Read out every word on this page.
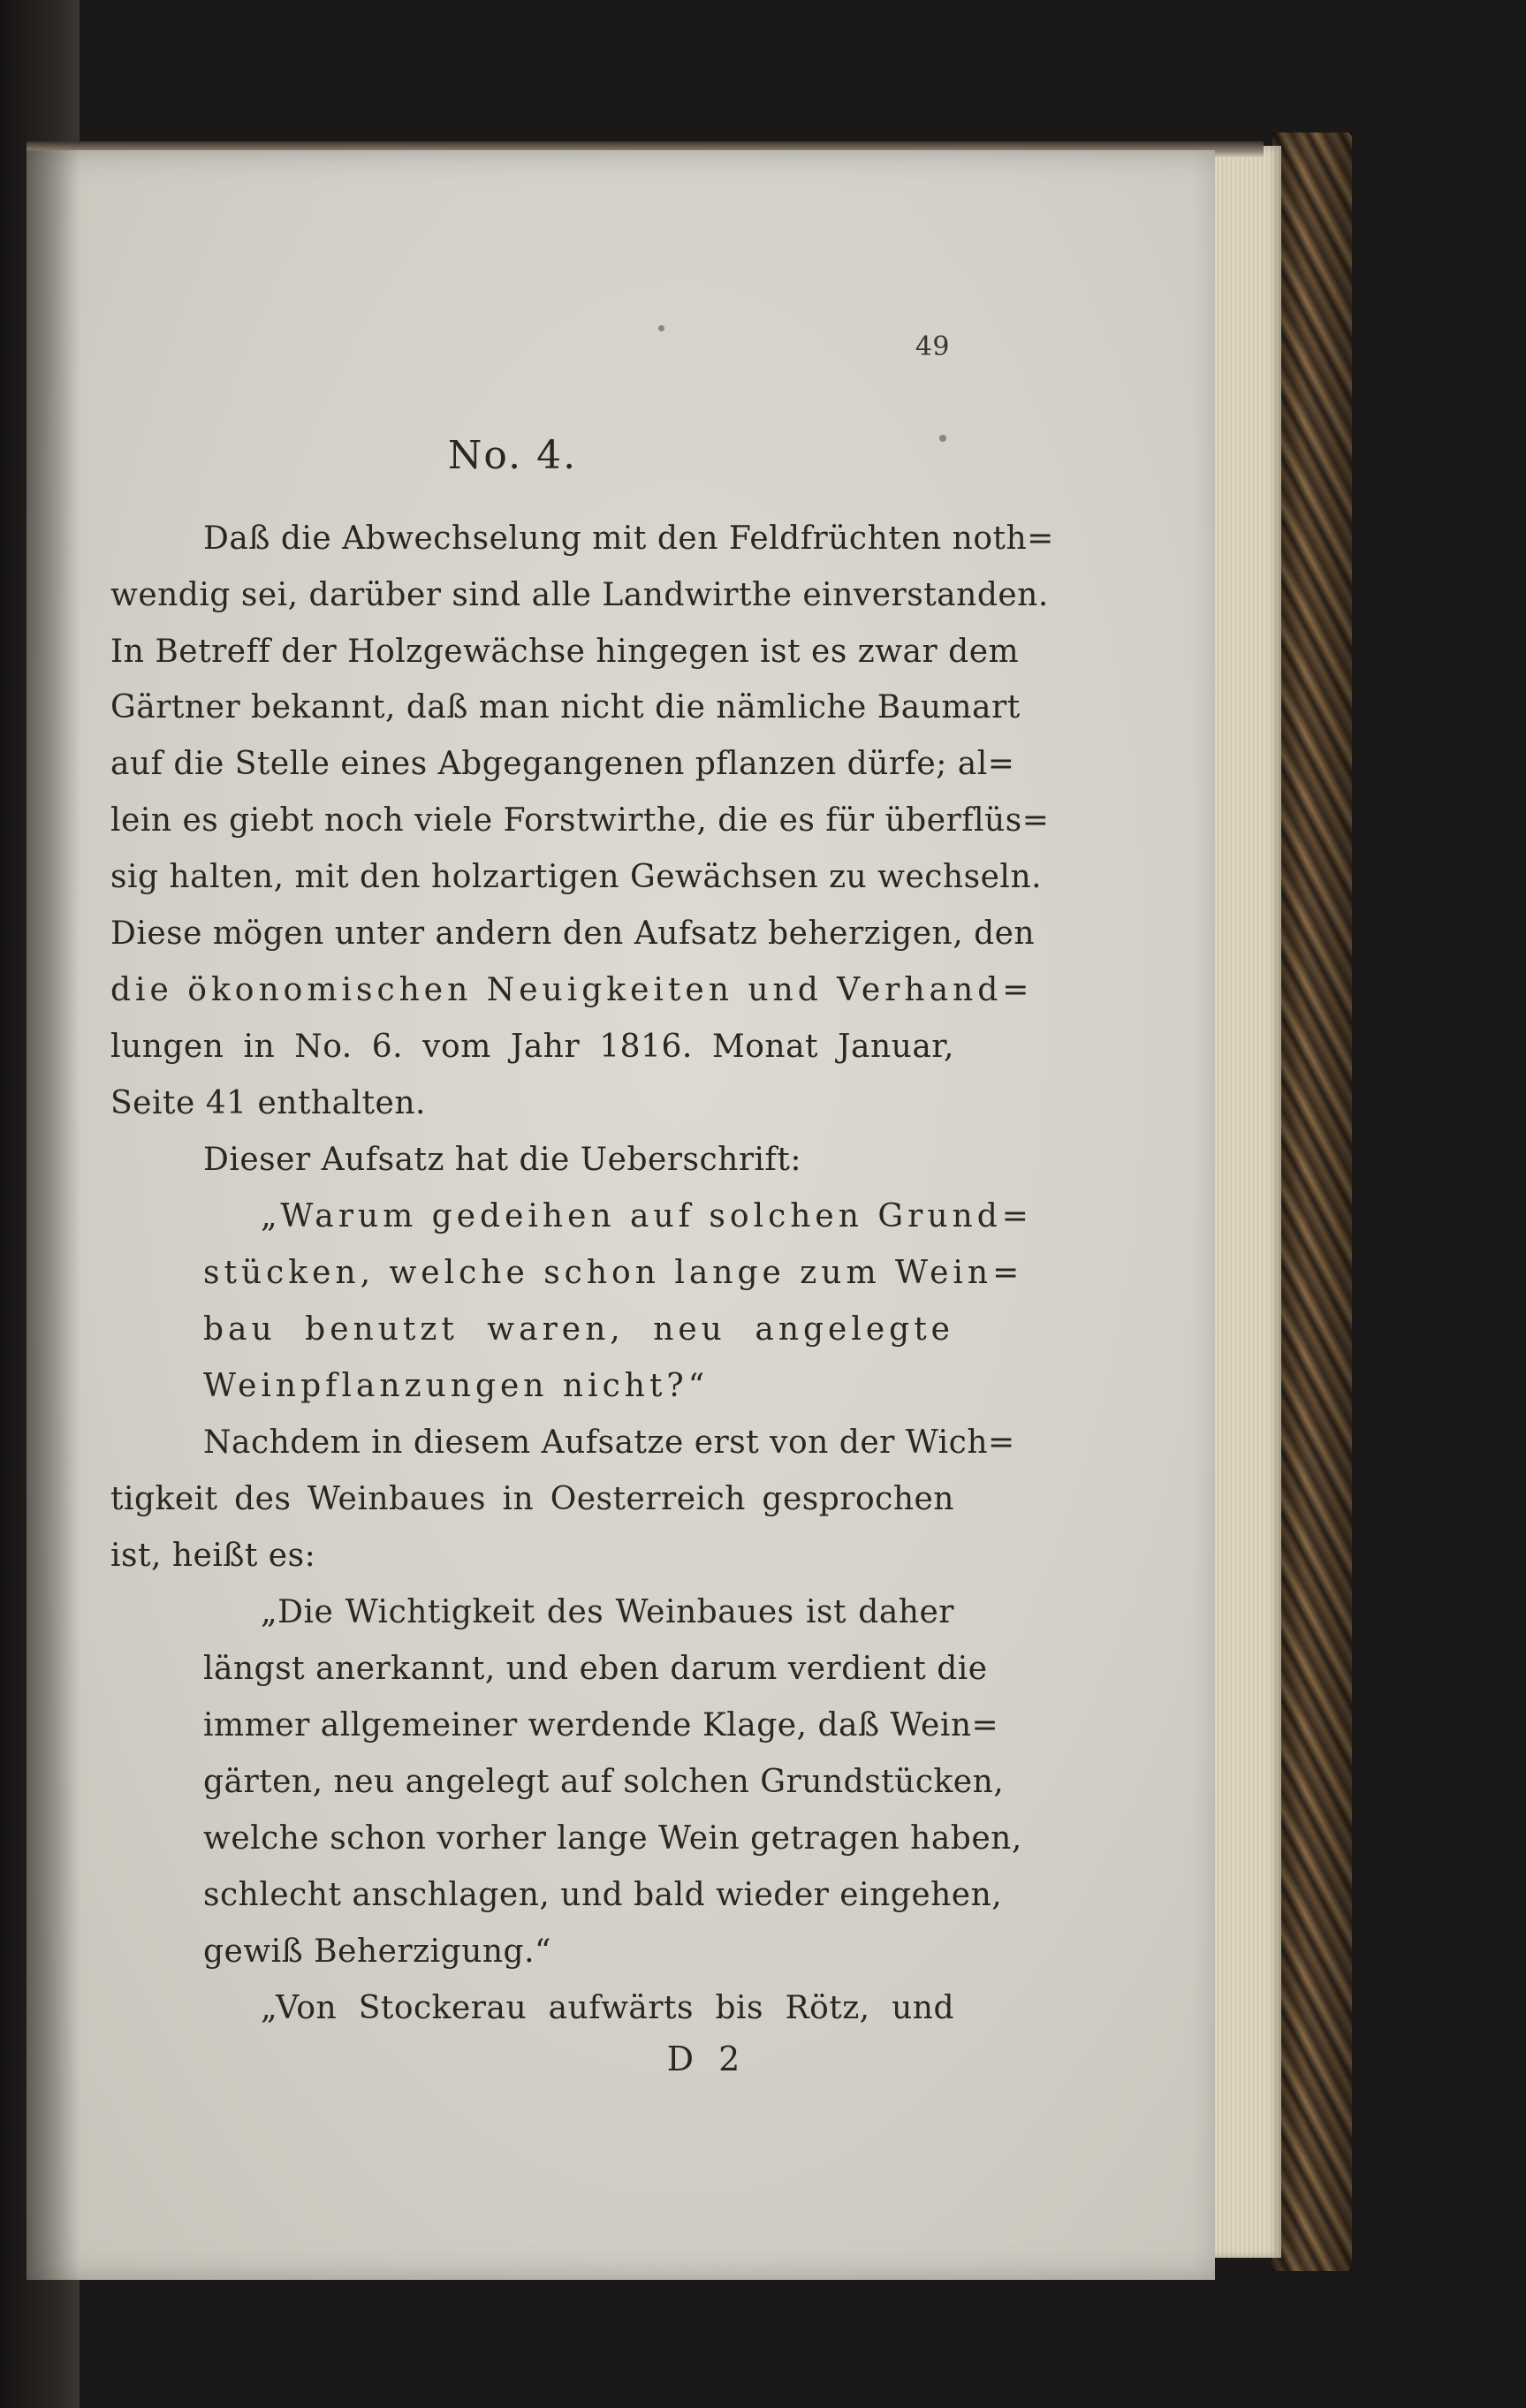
49
No. 4.
Daß die Abwechselung mit den Feldfrüchten noth=
wendig sei, darüber sind alle Landwirthe einverstanden.
In Betreff der Holzgewächse hingegen ist es zwar dem
Gärtner bekannt, daß man nicht die nämliche Baumart
auf die Stelle eines Abgegangenen pflanzen dürfe; al=
lein es giebt noch viele Forstwirthe, die es für überflüs=
sig halten, mit den holzartigen Gewächsen zu wechseln.
Diese mögen unter andern den Aufsatz beherzigen, den
die ökonomischen Neuigkeiten und Verhand=
lungen in No. 6. vom Jahr 1816. Monat Januar,
Seite 41 enthalten.
Dieser Aufsatz hat die Ueberschrift:
„Warum gedeihen auf solchen Grund=
stücken, welche schon lange zum Wein=
bau benutzt waren, neu angelegte
Weinpflanzungen nicht?“
Nachdem in diesem Aufsatze erst von der Wich=
tigkeit des Weinbaues in Oesterreich gesprochen
ist, heißt es:
„Die Wichtigkeit des Weinbaues ist daher
längst anerkannt, und eben darum verdient die
immer allgemeiner werdende Klage, daß Wein=
gärten, neu angelegt auf solchen Grundstücken,
welche schon vorher lange Wein getragen haben,
schlecht anschlagen, und bald wieder eingehen,
gewiß Beherzigung.“
„Von Stockerau aufwärts bis Rötz, und
D 2
